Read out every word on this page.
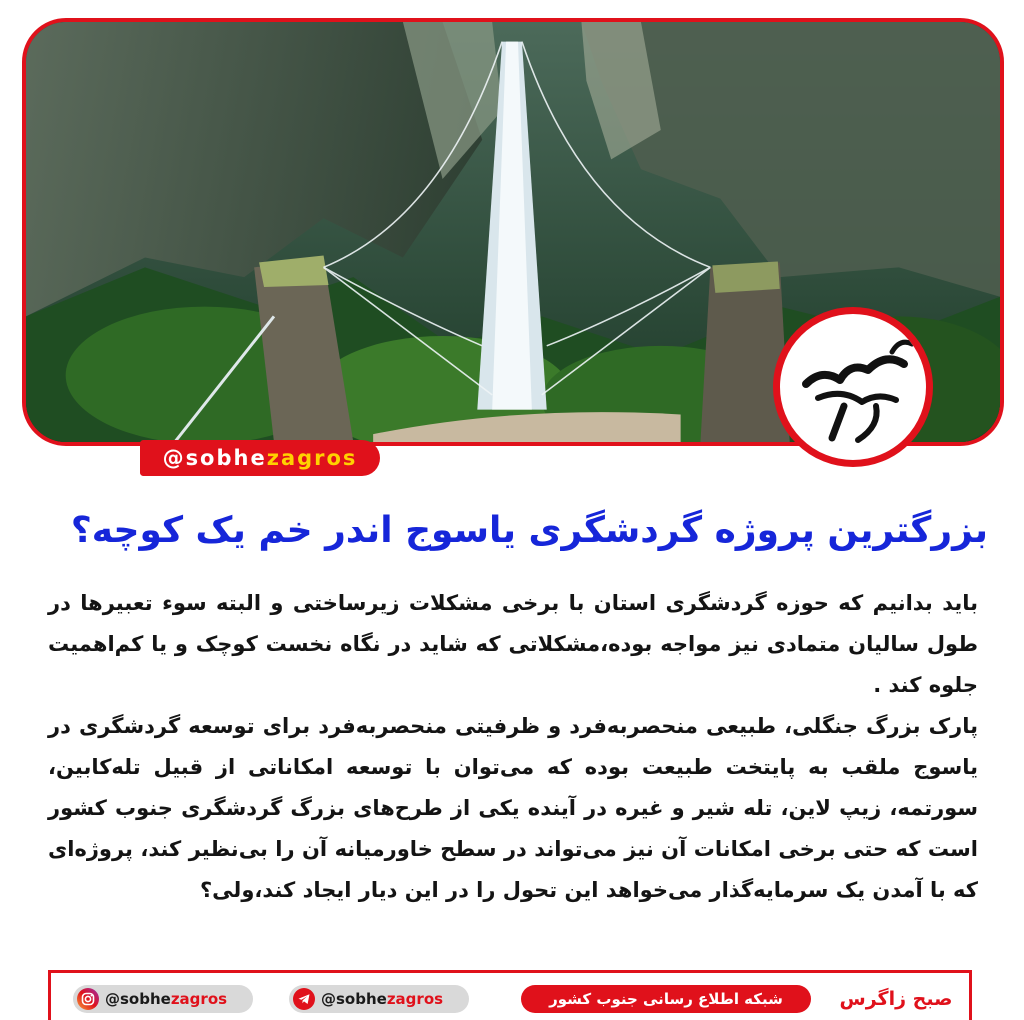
@sobhe zagros
بزرگترین پروژه گردشگری یاسوج اندر خم یک کوچه؟

باید بدانیم که حوزه گردشگری استان با برخی مشکلات زیرساختی و البته سوء تعبیرها در طول سالیان متمادی نیز مواجه بوده،مشکلاتی که شاید در نگاه نخست کوچک و یا کم‌اهمیت جلوه کند .

پارک بزرگ جنگلی، طبیعی منحصربه‌فرد و ظرفیتی منحصربه‌فرد برای توسعه گردشگری در یاسوج ملقب به پایتخت طبیعت بوده که می‌توان با توسعه امکاناتی از قبیل تله‌کابین، سورتمه، زیپ لاین، تله شیر و غیره در آینده یکی از طرح‌های بزرگ گردشگری جنوب کشور است که حتی برخی امکانات آن نیز می‌تواند در سطح خاورمیانه آن را بی‌نظیر کند، پروژه‌ای که با آمدن یک سرمایه‌گذار می‌خواهد این تحول را در این دیار ایجاد کند،ولی؟

@sobhe zagros	@sobhe zagros	شبکه اطلاع رسانی جنوب کشور	صبح زاگرس
